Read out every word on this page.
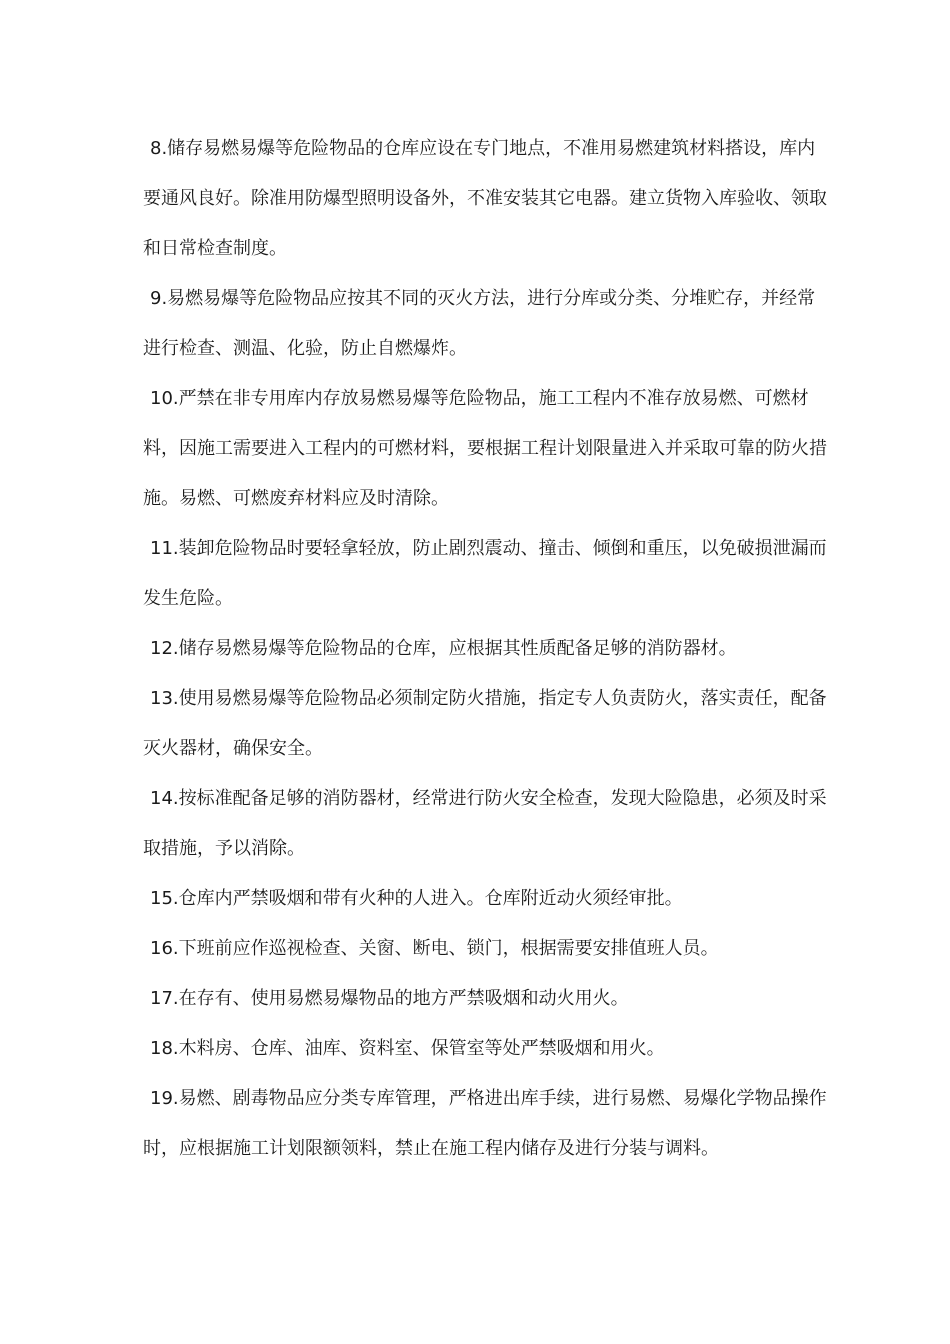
8.储存易燃易爆等危险物品的仓库应设在专门地点，不准用易燃建筑材料搭设，库内要通风良好。除准用防爆型照明设备外，不准安装其它电器。建立货物入库验收、领取和日常检查制度。

9.易燃易爆等危险物品应按其不同的灭火方法，进行分库或分类、分堆贮存，并经常进行检查、测温、化验，防止自燃爆炸。

10.严禁在非专用库内存放易燃易爆等危险物品，施工工程内不准存放易燃、可燃材料，因施工需要进入工程内的可燃材料，要根据工程计划限量进入并采取可靠的防火措施。易燃、可燃废弃材料应及时清除。

11.装卸危险物品时要轻拿轻放，防止剧烈震动、撞击、倾倒和重压，以免破损泄漏而发生危险。

12.储存易燃易爆等危险物品的仓库，应根据其性质配备足够的消防器材。

13.使用易燃易爆等危险物品必须制定防火措施，指定专人负责防火，落实责任，配备灭火器材，确保安全。

14.按标准配备足够的消防器材，经常进行防火安全检查，发现大险隐患，必须及时采取措施，予以消除。

15.仓库内严禁吸烟和带有火种的人进入。仓库附近动火须经审批。

16.下班前应作巡视检查、关窗、断电、锁门，根据需要安排值班人员。

17.在存有、使用易燃易爆物品的地方严禁吸烟和动火用火。

18.木料房、仓库、油库、资料室、保管室等处严禁吸烟和用火。

19.易燃、剧毒物品应分类专库管理，严格进出库手续，进行易燃、易爆化学物品操作时，应根据施工计划限额领料，禁止在施工程内储存及进行分装与调料。
